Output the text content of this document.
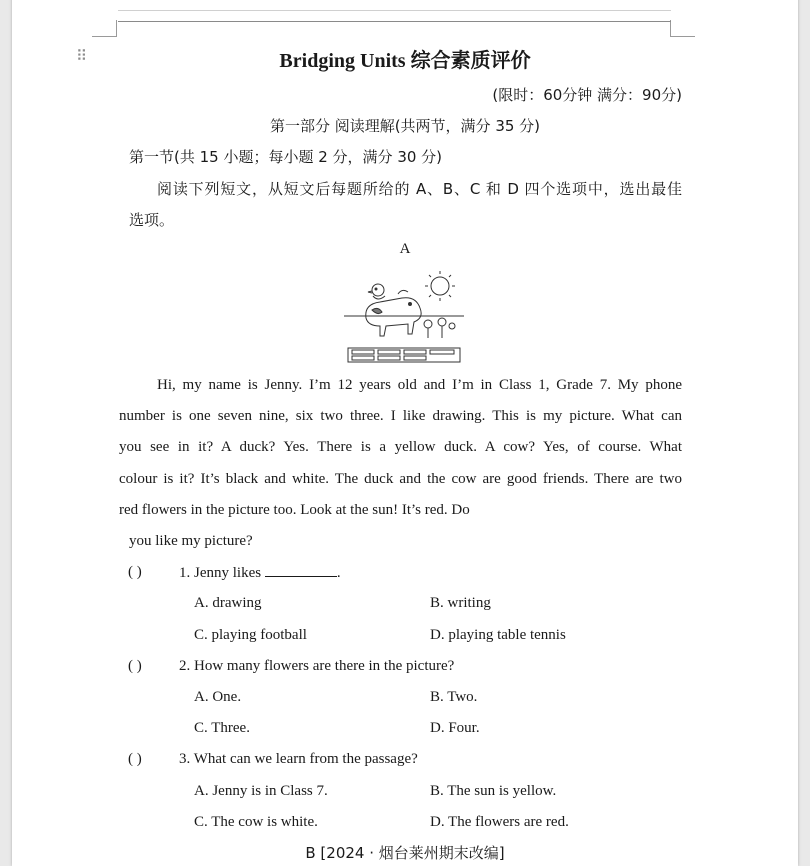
⠿	Bridging Units 综合素质评价
(限时：60分钟 满分：90分)
第一部分 阅读理解(共两节，满分 35 分)
第一节(共 15 小题；每小题 2 分，满分 30 分)
阅读下列短文，从短文后每题所给的 A、B、C 和 D 四个选项中，选出最佳
选项。
A
Hi, my name is Jenny. I’m 12 years old and I’m in Class 1, Grade 7. My phone
number is one seven nine, six two three. I like drawing. This is my picture. What can
you see in it? A duck? Yes. There is a yellow duck. A cow? Yes, of course. What
colour is it? It’s black and white. The duck and the cow are good friends. There are two
red flowers in the picture too. Look at the sun! It’s red. Do
you like my picture?
( ) 1. Jenny likes	.
A. drawing	B. writing
C. playing football	D. playing table tennis
( ) 2. How many flowers are there in the picture?
A. One.	B. Two.
C. Three.	D. Four.
( ) 3. What can we learn from the passage?
A. Jenny is in Class 7.	B. The sun is yellow.
C. The cow is white.	D. The flowers are red.
B [2024 · 烟台莱州期末改编]
